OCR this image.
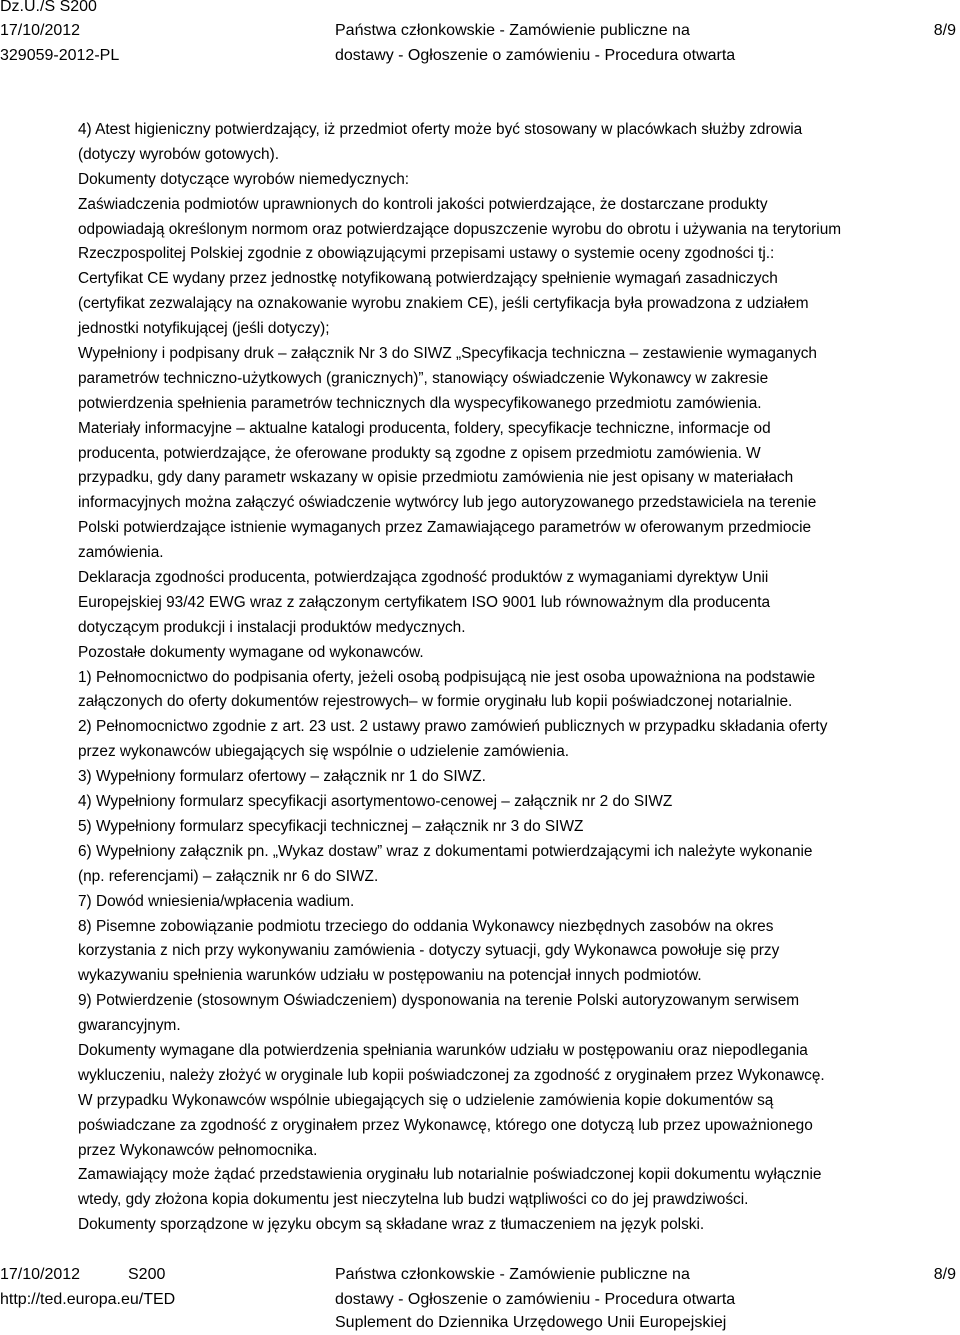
Dz.U./S S200
17/10/2012
329059-2012-PL
Państwa członkowskie - Zamówienie publiczne na
dostawy - Ogłoszenie o zamówieniu - Procedura otwarta
8/9
4) Atest higieniczny potwierdzający, iż przedmiot oferty może być stosowany w placówkach służby zdrowia
(dotyczy wyrobów gotowych).
Dokumenty dotyczące wyrobów niemedycznych:
Zaświadczenia podmiotów uprawnionych do kontroli jakości potwierdzające, że dostarczane produkty
odpowiadają określonym normom oraz potwierdzające dopuszczenie wyrobu do obrotu i używania na terytorium
Rzeczpospolitej Polskiej zgodnie z obowiązującymi przepisami ustawy o systemie oceny zgodności tj.:
Certyfikat CE wydany przez jednostkę notyfikowaną potwierdzający spełnienie wymagań zasadniczych
(certyfikat zezwalający na oznakowanie wyrobu znakiem CE), jeśli certyfikacja była prowadzona z udziałem
jednostki notyfikującej (jeśli dotyczy);
Wypełniony i podpisany druk – załącznik Nr 3 do SIWZ „Specyfikacja techniczna – zestawienie wymaganych
parametrów techniczno-użytkowych (granicznych)”, stanowiący oświadczenie Wykonawcy w zakresie
potwierdzenia spełnienia parametrów technicznych dla wyspecyfikowanego przedmiotu zamówienia.
Materiały informacyjne – aktualne katalogi producenta, foldery, specyfikacje techniczne, informacje od
producenta, potwierdzające, że oferowane produkty są zgodne z opisem przedmiotu zamówienia. W
przypadku, gdy dany parametr wskazany w opisie przedmiotu zamówienia nie jest opisany w materiałach
informacyjnych można załączyć oświadczenie wytwórcy lub jego autoryzowanego przedstawiciela na terenie
Polski potwierdzające istnienie wymaganych przez Zamawiającego parametrów w oferowanym przedmiocie
zamówienia.
Deklaracja zgodności producenta, potwierdzająca zgodność produktów z wymaganiami dyrektyw Unii
Europejskiej 93/42 EWG wraz z załączonym certyfikatem ISO 9001 lub równoważnym dla producenta
dotyczącym produkcji i instalacji produktów medycznych.
Pozostałe dokumenty wymagane od wykonawców.
1) Pełnomocnictwo do podpisania oferty, jeżeli osobą podpisującą nie jest osoba upoważniona na podstawie
załączonych do oferty dokumentów rejestrowych– w formie oryginału lub kopii poświadczonej notarialnie.
2) Pełnomocnictwo zgodnie z art. 23 ust. 2 ustawy prawo zamówień publicznych w przypadku składania oferty
przez wykonawców ubiegających się wspólnie o udzielenie zamówienia.
3) Wypełniony formularz ofertowy – załącznik nr 1 do SIWZ.
4) Wypełniony formularz specyfikacji asortymentowo-cenowej – załącznik nr 2 do SIWZ
5) Wypełniony formularz specyfikacji technicznej – załącznik nr 3 do SIWZ
6) Wypełniony załącznik pn. „Wykaz dostaw” wraz z dokumentami potwierdzającymi ich należyte wykonanie
(np. referencjami) – załącznik nr 6 do SIWZ.
7) Dowód wniesienia/wpłacenia wadium.
8) Pisemne zobowiązanie podmiotu trzeciego do oddania Wykonawcy niezbędnych zasobów na okres
korzystania z nich przy wykonywaniu zamówienia - dotyczy sytuacji, gdy Wykonawca powołuje się przy
wykazywaniu spełnienia warunków udziału w postępowaniu na potencjał innych podmiotów.
9) Potwierdzenie (stosownym Oświadczeniem) dysponowania na terenie Polski autoryzowanym serwisem
gwarancyjnym.
Dokumenty wymagane dla potwierdzenia spełniania warunków udziału w postępowaniu oraz niepodlegania
wykluczeniu, należy złożyć w oryginale lub kopii poświadczonej za zgodność z oryginałem przez Wykonawcę.
W przypadku Wykonawców wspólnie ubiegających się o udzielenie zamówienia kopie dokumentów są
poświadczane za zgodność z oryginałem przez Wykonawcę, którego one dotyczą lub przez upoważnionego
przez Wykonawców pełnomocnika.
Zamawiający może żądać przedstawienia oryginału lub notarialnie poświadczonej kopii dokumentu wyłącznie
wtedy, gdy złożona kopia dokumentu jest nieczytelna lub budzi wątpliwości co do jej prawdziwości.
Dokumenty sporządzone w języku obcym są składane wraz z tłumaczeniem na język polski.
17/10/2012	S200
http://ted.europa.eu/TED
Państwa członkowskie - Zamówienie publiczne na
dostawy - Ogłoszenie o zamówieniu - Procedura otwarta
Suplement do Dziennika Urzędowego Unii Europejskiej
8/9
